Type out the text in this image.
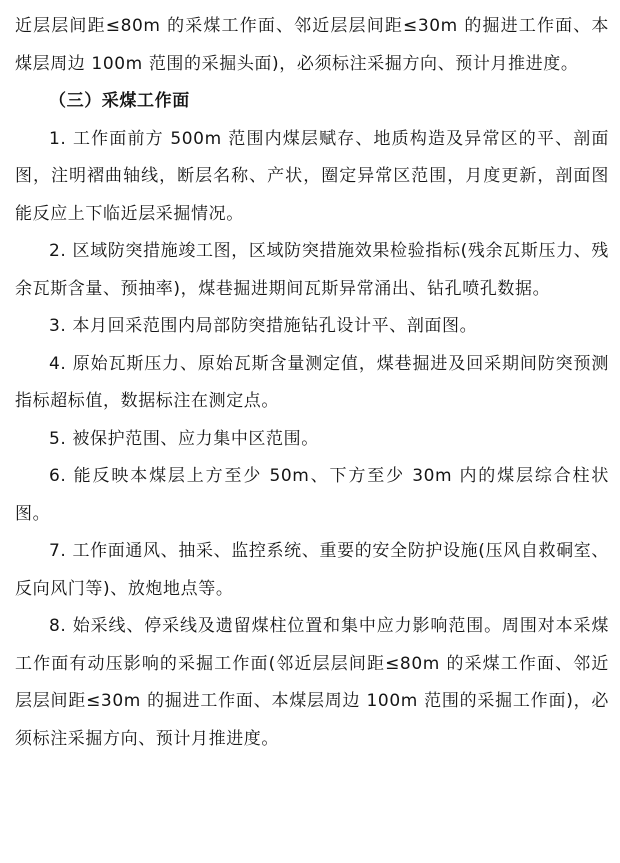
近层层间距≤80m 的采煤工作面、邻近层层间距≤30m 的掘进工作面、本煤层周边 100m 范围的采掘头面)，必须标注采掘方向、预计月推进度。

（三）采煤工作面

1. 工作面前方 500m 范围内煤层赋存、地质构造及异常区的平、剖面图，注明褶曲轴线，断层名称、产状，圈定异常区范围，月度更新，剖面图能反应上下临近层采掘情况。

2. 区域防突措施竣工图，区域防突措施效果检验指标(残余瓦斯压力、残余瓦斯含量、预抽率)，煤巷掘进期间瓦斯异常涌出、钻孔喷孔数据。

3. 本月回采范围内局部防突措施钻孔设计平、剖面图。

4. 原始瓦斯压力、原始瓦斯含量测定值，煤巷掘进及回采期间防突预测指标超标值，数据标注在测定点。

5. 被保护范围、应力集中区范围。

6. 能反映本煤层上方至少 50m、下方至少 30m 内的煤层综合柱状图。

7. 工作面通风、抽采、监控系统、重要的安全防护设施(压风自救硐室、反向风门等)、放炮地点等。

8. 始采线、停采线及遗留煤柱位置和集中应力影响范围。周围对本采煤工作面有动压影响的采掘工作面(邻近层层间距≤80m 的采煤工作面、邻近层层间距≤30m 的掘进工作面、本煤层周边 100m 范围的采掘工作面)，必须标注采掘方向、预计月推进度。
